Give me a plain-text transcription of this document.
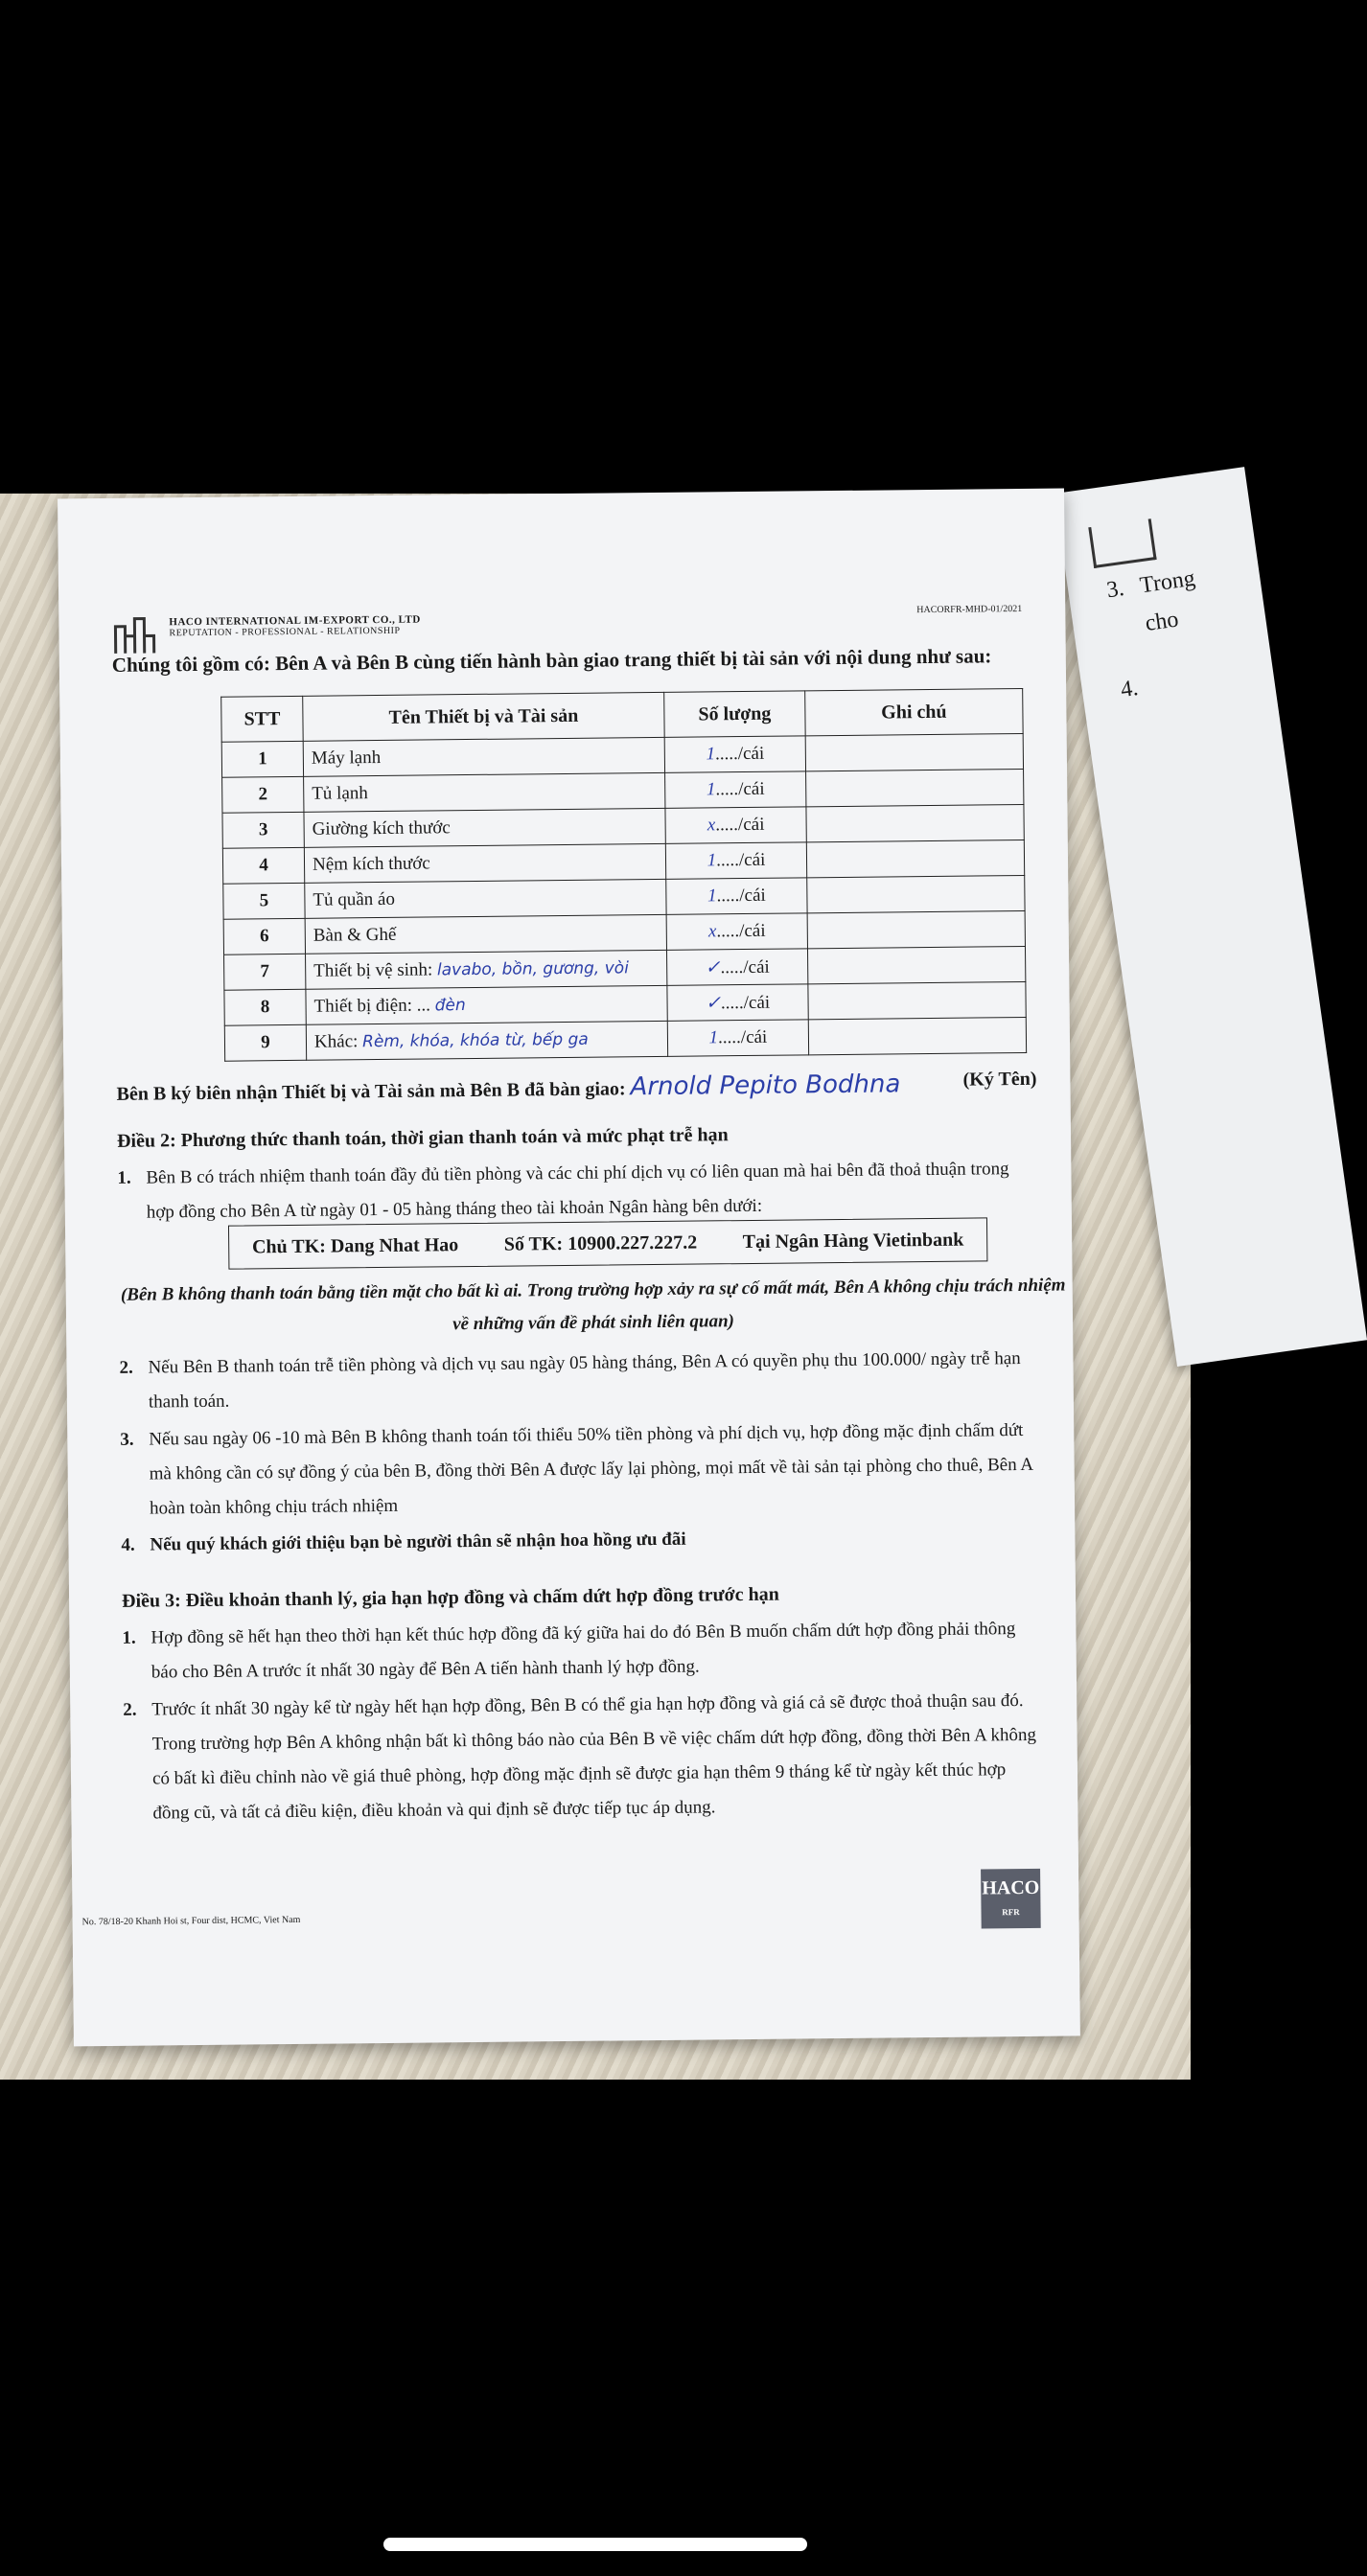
3. Trong
cho
4.
HACO INTERNATIONAL IM-EXPORT CO., LTD
REPUTATION - PROFESSIONAL - RELATIONSHIP
HACORFR-MHD-01/2021
Chúng tôi gồm có: Bên A và Bên B cùng tiến hành bàn giao trang thiết bị tài sản với nội dung như sau:
STT	Tên Thiết bị và Tài sản	Số lượng	Ghi chú
1	Máy lạnh	1...../cái	
2	Tủ lạnh	1...../cái	
3	Giường kích thước	x...../cái	
4	Nệm kích thước	1...../cái	
5	Tủ quần áo	1...../cái	
6	Bàn & Ghế	x...../cái	
7	Thiết bị vệ sinh: lavabo, bồn, gương, vòi	✓...../cái	
8	Thiết bị điện: ... đèn	✓...../cái	
9	Khác: Rèm, khóa, khóa từ, bếp ga	1...../cái	
Bên B ký biên nhận Thiết bị và Tài sản mà Bên B đã bàn giao: Arnold Pepito Bodhna	(Ký Tên)
Điều 2: Phương thức thanh toán, thời gian thanh toán và mức phạt trễ hạn
1. Bên B có trách nhiệm thanh toán đầy đủ tiền phòng và các chi phí dịch vụ có liên quan mà hai bên đã thoả thuận trong hợp đồng cho Bên A từ ngày 01 - 05 hàng tháng theo tài khoản Ngân hàng bên dưới:
Chủ TK: Dang Nhat Hao Số TK: 10900.227.227.2 Tại Ngân Hàng Vietinbank
(Bên B không thanh toán bằng tiền mặt cho bất kì ai. Trong trường hợp xảy ra sự cố mất mát, Bên A không chịu trách nhiệm về những vấn đề phát sinh liên quan)
2. Nếu Bên B thanh toán trễ tiền phòng và dịch vụ sau ngày 05 hàng tháng, Bên A có quyền phụ thu 100.000/ ngày trễ hạn thanh toán.
3. Nếu sau ngày 06 -10 mà Bên B không thanh toán tối thiểu 50% tiền phòng và phí dịch vụ, hợp đồng mặc định chấm dứt mà không cần có sự đồng ý của bên B, đồng thời Bên A được lấy lại phòng, mọi mất về tài sản tại phòng cho thuê, Bên A hoàn toàn không chịu trách nhiệm
4. Nếu quý khách giới thiệu bạn bè người thân sẽ nhận hoa hồng ưu đãi
Điều 3: Điều khoản thanh lý, gia hạn hợp đồng và chấm dứt hợp đồng trước hạn
1. Hợp đồng sẽ hết hạn theo thời hạn kết thúc hợp đồng đã ký giữa hai do đó Bên B muốn chấm dứt hợp đồng phải thông báo cho Bên A trước ít nhất 30 ngày để Bên A tiến hành thanh lý hợp đồng.
2. Trước ít nhất 30 ngày kể từ ngày hết hạn hợp đồng, Bên B có thể gia hạn hợp đồng và giá cả sẽ được thoả thuận sau đó. Trong trường hợp Bên A không nhận bất kì thông báo nào của Bên B về việc chấm dứt hợp đồng, đồng thời Bên A không có bất kì điều chỉnh nào về giá thuê phòng, hợp đồng mặc định sẽ được gia hạn thêm 9 tháng kể từ ngày kết thúc hợp đồng cũ, và tất cả điều kiện, điều khoản và qui định sẽ được tiếp tục áp dụng.
No. 78/18-20 Khanh Hoi st, Four dist, HCMC, Viet Nam
HACO
RFR
